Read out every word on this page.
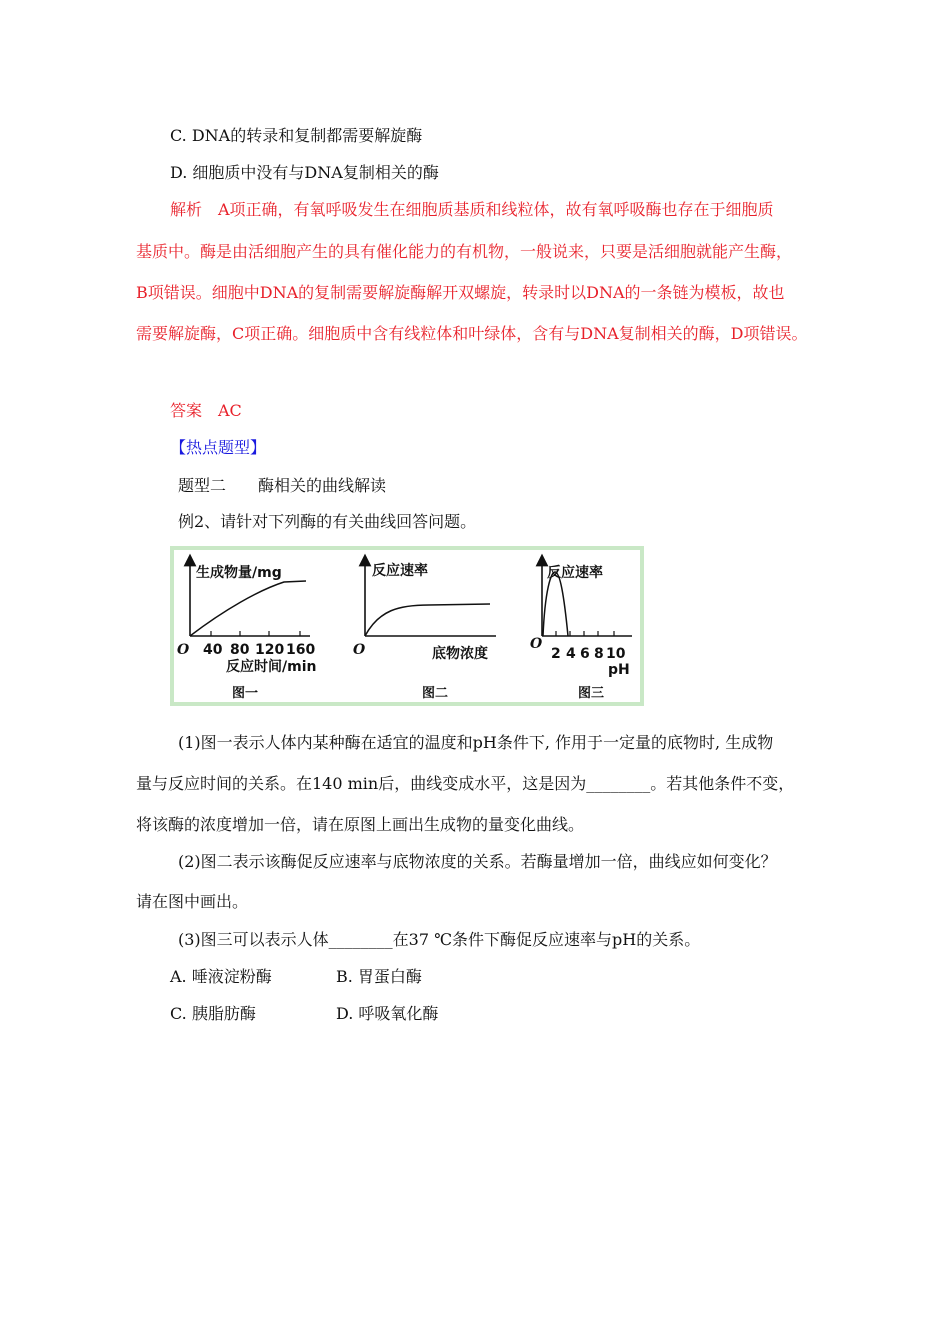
C. DNA的转录和复制都需要解旋酶
D. 细胞质中没有与DNA复制相关的酶
解析　A项正确，有氧呼吸发生在细胞质基质和线粒体，故有氧呼吸酶也存在于细胞质
基质中。酶是由活细胞产生的具有催化能力的有机物，一般说来，只要是活细胞就能产生酶，
B项错误。细胞中DNA的复制需要解旋酶解开双螺旋，转录时以DNA的一条链为模板，故也
需要解旋酶，C项正确。细胞质中含有线粒体和叶绿体，含有与DNA复制相关的酶，D项错误。
答案　AC
【热点题型】
题型二　　酶相关的曲线解读
例2、请针对下列酶的有关曲线回答问题。
生成物量/mg
O 40 80 120 160
反应时间/min
图一
反应速率
O	底物浓度
图二
反应速率
O
2 4 6 8 10
pH
图三
(1)图一表示人体内某种酶在适宜的温度和pH条件下, 作用于一定量的底物时, 生成物
量与反应时间的关系。在140 min后，曲线变成水平，这是因为________。若其他条件不变，
将该酶的浓度增加一倍，请在原图上画出生成物的量变化曲线。
(2)图二表示该酶促反应速率与底物浓度的关系。若酶量增加一倍，曲线应如何变化？
请在图中画出。
(3)图三可以表示人体________在37 ℃条件下酶促反应速率与pH的关系。
A. 唾液淀粉酶	B. 胃蛋白酶
C. 胰脂肪酶	D. 呼吸氧化酶
